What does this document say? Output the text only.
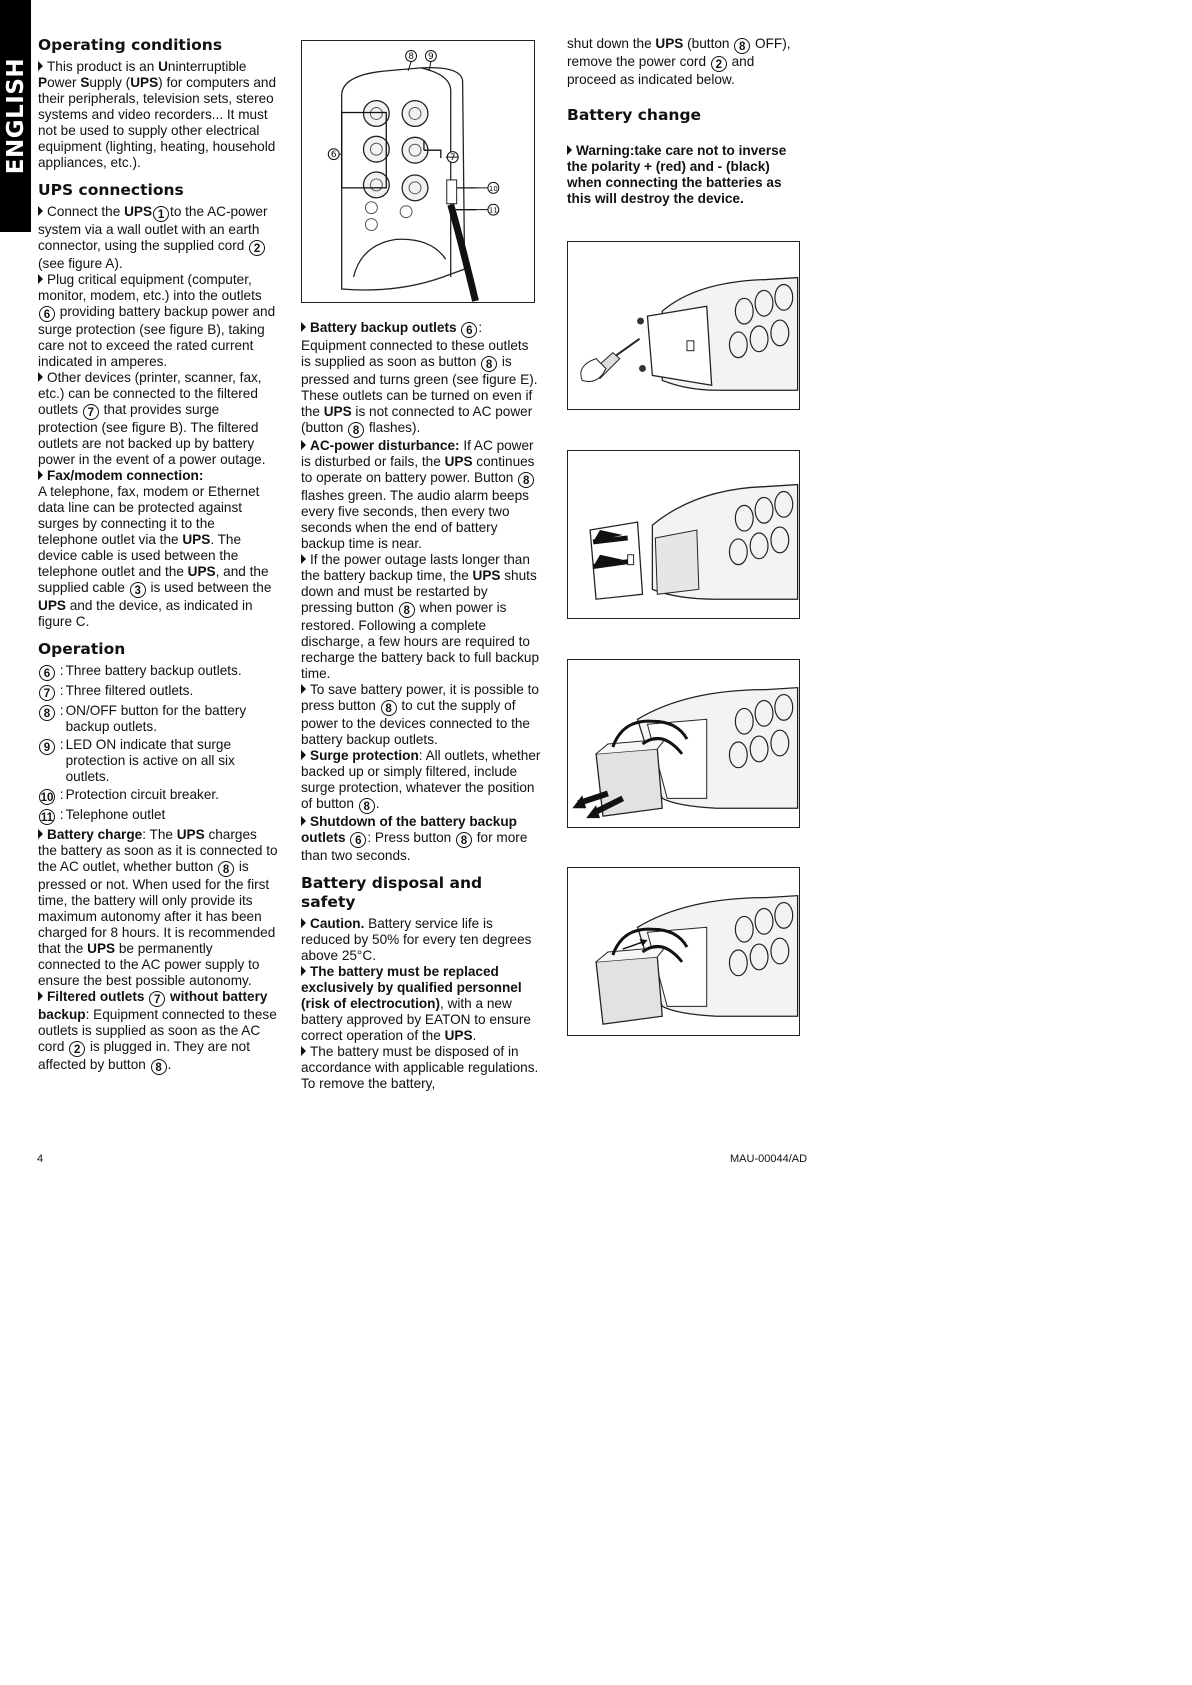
ENGLISH
Operating conditions

This product is an Uninterruptible Power Supply (UPS) for computers and their peripherals, television sets, stereo systems and video recorders... It must not be used to supply other electrical equipment (lighting, heating, household appliances, etc.).

UPS connections

Connect the UPS 1 to the AC-power system via a wall outlet with an earth connector, using the supplied cord 2 (see figure A).

Plug critical equipment (computer, monitor, modem, etc.) into the outlets 6 providing battery backup power and surge protection (see figure B), taking care not to exceed the rated current indicated in amperes.

Other devices (printer, scanner, fax, etc.) can be connected to the filtered outlets 7 that provides surge protection (see figure B). The filtered outlets are not backed up by battery power in the event of a power outage.

Fax/modem connection:

A telephone, fax, modem or Ethernet data line can be protected against surges by connecting it to the telephone outlet via the UPS. The device cable is used between the telephone outlet and the UPS, and the supplied cable 3 is used between the UPS and the device, as indicated in figure C.

Operation
6 : Three battery backup outlets.
7 : Three filtered outlets.
8 : ON/OFF button for the battery backup outlets.
9 : LED ON indicate that surge protection is active on all six outlets.
10 : Protection circuit breaker.
11 : Telephone outlet

Battery charge: The UPS charges the battery as soon as it is connected to the AC outlet, whether button 8 is pressed or not. When used for the first time, the battery will only provide its maximum autonomy after it has been charged for 8 hours. It is recommended that the UPS be permanently connected to the AC power supply to ensure the best possible autonomy.

Filtered outlets 7 without battery backup: Equipment connected to these outlets is supplied as soon as the AC cord 2 is plugged in. They are not affected by button 8 .

8 9
6	7
10
11

Battery backup outlets 6 : Equipment connected to these outlets is supplied as soon as button 8 is pressed and turns green (see figure E). These outlets can be turned on even if the UPS is not connected to AC power (button 8 flashes).

AC-power disturbance: If AC power is disturbed or fails, the UPS continues to operate on battery power. Button 8 flashes green. The audio alarm beeps every five seconds, then every two seconds when the end of battery backup time is near.

If the power outage lasts longer than the battery backup time, the UPS shuts down and must be restarted by pressing button 8 when power is restored. Following a complete discharge, a few hours are required to recharge the battery back to full backup time.

To save battery power, it is possible to press button 8 to cut the supply of power to the devices connected to the battery backup outlets.

Surge protection: All outlets, whether backed up or simply filtered, include surge protection, whatever the position of button 8 .

Shutdown of the battery backup outlets 6 : Press button 8 for more than two seconds.

Battery disposal and safety

Caution. Battery service life is reduced by 50% for every ten degrees above 25°C.

The battery must be replaced exclusively by qualified personnel (risk of electrocution), with a new battery approved by EATON to ensure correct operation of the UPS.

The battery must be disposed of in accordance with applicable regulations. To remove the battery,

shut down the UPS (button 8 OFF), remove the power cord 2 and proceed as indicated below.

Battery change

Warning:take care not to inverse the polarity + (red) and - (black) when connecting the batteries as this will destroy the device.

4	MAU-00044/AD
